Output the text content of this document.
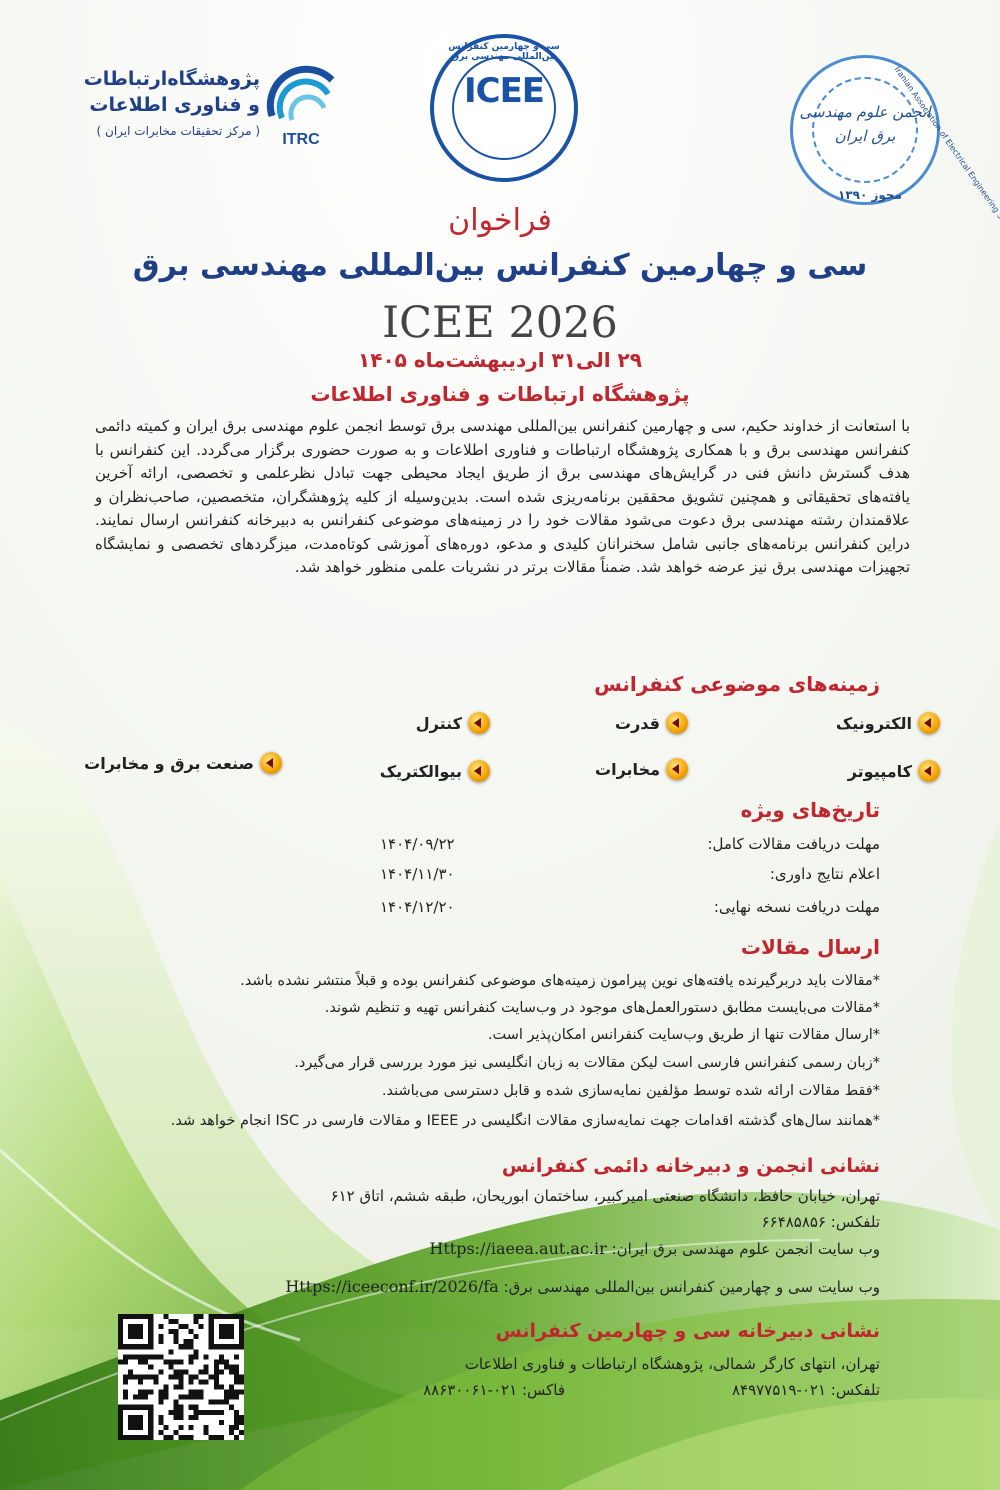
سی و چهارمین کنفرانس بین‌المللی مهندسی برق
ICEE
انجمن علوم مهندسی
برق ایران
مجوز ۱۳۹۰
ITRC
پژوهشگاه‌ارتباطات
و فناوری اطلاعات
( مرکز تحقیقات مخابرات ایران )
فراخوان
سی و چهارمین کنفرانس بین‌المللی مهندسی برق
ICEE 2026
۲۹ الی۳۱ اردیبهشت‌ماه ۱۴۰۵
پژوهشگاه ارتباطات و فناوری اطلاعات
با استعانت از خداوند حکیم، سی و چهارمین کنفرانس بین‌المللی مهندسی برق توسط انجمن علوم مهندسی برق ایران و کمیته دائمی کنفرانس مهندسی برق و با همکاری پژوهشگاه ارتباطات و فناوری اطلاعات و به صورت حضوری برگزار می‌گردد. این کنفرانس با هدف گسترش دانش فنی در گرایش‌های مهندسی برق از طریق ایجاد محیطی جهت تبادل نظرعلمی و تخصصی، ارائه آخرین یافته‌های تحقیقاتی و همچنین تشویق محققین برنامه‌ریزی شده است. بدین‌وسیله از کلیه پژوهشگران، متخصصین، صاحب‌نظران و علاقمندان رشته مهندسی برق دعوت می‌شود مقالات خود را در زمینه‌های موضوعی کنفرانس به دبیرخانه کنفرانس ارسال نمایند. دراین کنفرانس برنامه‌های جانبی شامل سخنرانان کلیدی و مدعو، دوره‌های آموزشی کوتاه‌مدت، میزگردهای تخصصی و نمایشگاه تجهیزات مهندسی برق نیز عرضه خواهد شد. ضمناً مقالات برتر در نشریات علمی منظور خواهد شد.
زمینه‌های موضوعی کنفرانس
الکترونیک
قدرت
کنترل
کامپیوتر
مخابرات
بیوالکتریک
صنعت برق و مخابرات
تاریخ‌های ویژه
مهلت دریافت مقالات کامل:
۱۴۰۴/۰۹/۲۲
اعلام نتایج داوری:
۱۴۰۴/۱۱/۳۰
مهلت دریافت نسخه نهایی:
۱۴۰۴/۱۲/۲۰
ارسال مقالات
*مقالات باید دربرگیرنده یافته‌های نوین پیرامون زمینه‌های موضوعی کنفرانس بوده و قبلاً منتشر نشده باشد.
*مقالات می‌بایست مطابق دستورالعمل‌های موجود در وب‌سایت کنفرانس تهیه و تنظیم شوند.
*ارسال مقالات تنها از طریق وب‌سایت کنفرانس امکان‌پذیر است.
*زبان رسمی کنفرانس فارسی است لیکن مقالات به زبان انگلیسی نیز مورد بررسی قرار می‌گیرد.
*فقط مقالات ارائه شده توسط مؤلفین نمایه‌سازی شده و قابل دسترسی می‌باشند.
*همانند سال‌های گذشته اقدامات جهت نمایه‌سازی مقالات انگلیسی در IEEE و مقالات فارسی در ISC انجام خواهد شد.
نشانی انجمن و دبیرخانه دائمی کنفرانس
تهران، خیابان حافظ، دانشگاه صنعتی امیرکبیر، ساختمان ابوریحان، طبقه ششم، اتاق ۶۱۲
تلفکس: ۶۶۴۸۵۸۵۶
وب سایت انجمن علوم مهندسی برق ایران: Https://iaeea.aut.ac.ir
وب سایت سی و چهارمین کنفرانس بین‌المللی مهندسی برق: Https://iceeconf.ir/2026/fa
نشانی دبیرخانه سی و چهارمین کنفرانس
تهران، انتهای کارگر شمالی، پژوهشگاه ارتباطات و فناوری اطلاعات
تلفکس: ۰۲۱-۸۴۹۷۷۵۱۹
فاکس: ۰۲۱-۸۸۶۳۰۰۶۱
